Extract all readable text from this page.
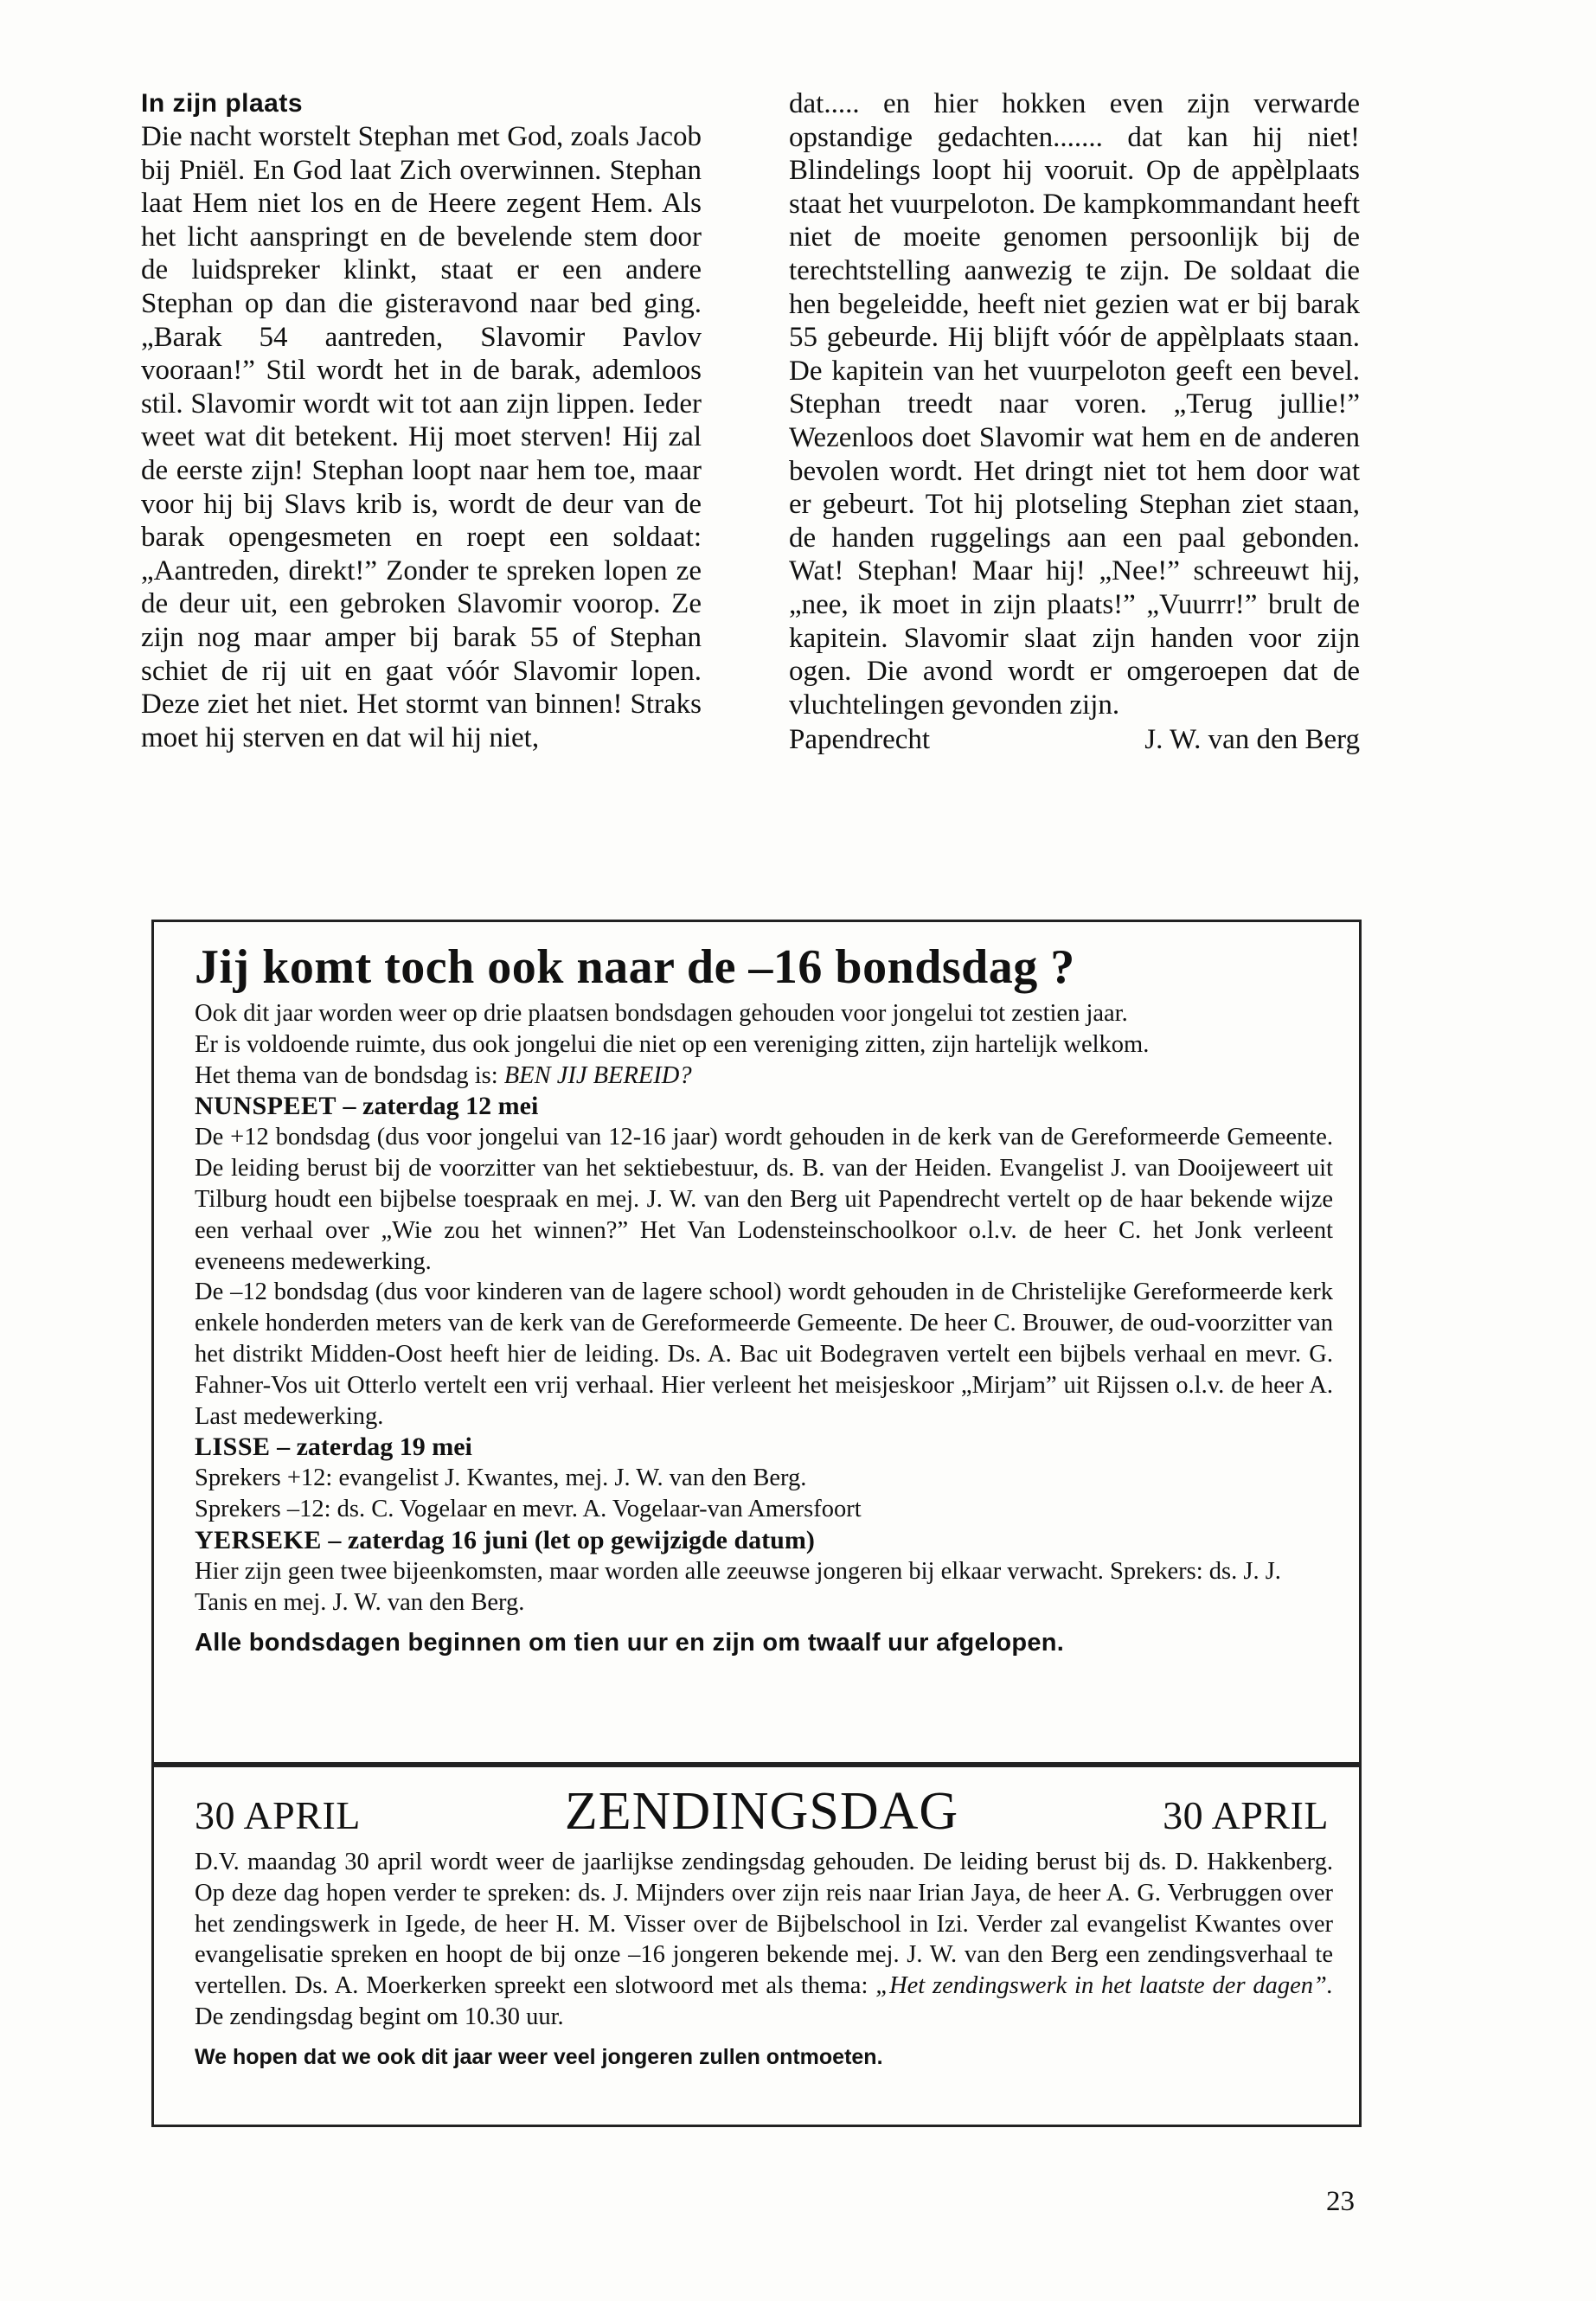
In zijn plaats

Die nacht worstelt Stephan met God, zoals Jacob bij Pniël. En God laat Zich overwinnen. Stephan laat Hem niet los en de Heere zegent Hem. Als het licht aanspringt en de bevelende stem door de luidspreker klinkt, staat er een andere Stephan op dan die gisteravond naar bed ging. „Barak 54 aantreden, Slavomir Pavlov vooraan!” Stil wordt het in de barak, ademloos stil. Slavomir wordt wit tot aan zijn lippen. Ieder weet wat dit betekent. Hij moet sterven! Hij zal de eerste zijn! Stephan loopt naar hem toe, maar voor hij bij Slavs krib is, wordt de deur van de barak opengesmeten en roept een soldaat: „Aantreden, direkt!” Zonder te spreken lopen ze de deur uit, een gebroken Slavomir voorop. Ze zijn nog maar amper bij barak 55 of Stephan schiet de rij uit en gaat vóór Slavomir lopen. Deze ziet het niet. Het stormt van binnen! Straks moet hij sterven en dat wil hij niet,

dat..... en hier hokken even zijn verwarde opstandige gedachten....... dat kan hij niet! Blindelings loopt hij vooruit. Op de appèlplaats staat het vuurpeloton. De kampkommandant heeft niet de moeite genomen persoonlijk bij de terechtstelling aanwezig te zijn. De soldaat die hen begeleidde, heeft niet gezien wat er bij barak 55 gebeurde. Hij blijft vóór de appèlplaats staan. De kapitein van het vuurpeloton geeft een bevel. Stephan treedt naar voren. „Terug jullie!” Wezenloos doet Slavomir wat hem en de anderen bevolen wordt. Het dringt niet tot hem door wat er gebeurt. Tot hij plotseling Stephan ziet staan, de handen ruggelings aan een paal gebonden. Wat! Stephan! Maar hij! „Nee!” schreeuwt hij, „nee, ik moet in zijn plaats!” „Vuurrr!” brult de kapitein. Slavomir slaat zijn handen voor zijn ogen. Die avond wordt er omgeroepen dat de vluchtelingen gevonden zijn.

Papendrecht	J. W. van den Berg
Jij komt toch ook naar de –16 bondsdag ?

Ook dit jaar worden weer op drie plaatsen bondsdagen gehouden voor jongelui tot zestien jaar.

Er is voldoende ruimte, dus ook jongelui die niet op een vereniging zitten, zijn hartelijk welkom.

Het thema van de bondsdag is: BEN JIJ BEREID?

NUNSPEET – zaterdag 12 mei

De +12 bondsdag (dus voor jongelui van 12-16 jaar) wordt gehouden in de kerk van de Gereformeerde Gemeente. De leiding berust bij de voorzitter van het sektiebestuur, ds. B. van der Heiden. Evangelist J. van Dooijeweert uit Tilburg houdt een bijbelse toespraak en mej. J. W. van den Berg uit Papendrecht vertelt op de haar bekende wijze een verhaal over „Wie zou het winnen?” Het Van Lodensteinschoolkoor o.l.v. de heer C. het Jonk verleent eveneens medewerking.

De –12 bondsdag (dus voor kinderen van de lagere school) wordt gehouden in de Christelijke Gereformeerde kerk enkele honderden meters van de kerk van de Gereformeerde Gemeente. De heer C. Brouwer, de oud-voorzitter van het distrikt Midden-Oost heeft hier de leiding. Ds. A. Bac uit Bodegraven vertelt een bijbels verhaal en mevr. G. Fahner-Vos uit Otterlo vertelt een vrij verhaal. Hier verleent het meisjeskoor „Mirjam” uit Rijssen o.l.v. de heer A. Last medewerking.

LISSE – zaterdag 19 mei

Sprekers +12: evangelist J. Kwantes, mej. J. W. van den Berg.

Sprekers –12: ds. C. Vogelaar en mevr. A. Vogelaar-van Amersfoort

YERSEKE – zaterdag 16 juni (let op gewijzigde datum)

Hier zijn geen twee bijeenkomsten, maar worden alle zeeuwse jongeren bij elkaar verwacht. Sprekers: ds. J. J. Tanis en mej. J. W. van den Berg.

Alle bondsdagen beginnen om tien uur en zijn om twaalf uur afgelopen.

30 APRIL	ZENDINGSDAG	30 APRIL

D.V. maandag 30 april wordt weer de jaarlijkse zendingsdag gehouden. De leiding berust bij ds. D. Hakkenberg. Op deze dag hopen verder te spreken: ds. J. Mijnders over zijn reis naar Irian Jaya, de heer A. G. Verbruggen over het zendingswerk in Igede, de heer H. M. Visser over de Bijbelschool in Izi. Verder zal evangelist Kwantes over evangelisatie spreken en hoopt de bij onze –16 jongeren bekende mej. J. W. van den Berg een zendingsverhaal te vertellen. Ds. A. Moerkerken spreekt een slotwoord met als thema: „Het zendingswerk in het laatste der dagen”. De zendingsdag begint om 10.30 uur.

We hopen dat we ook dit jaar weer veel jongeren zullen ontmoeten.

23
